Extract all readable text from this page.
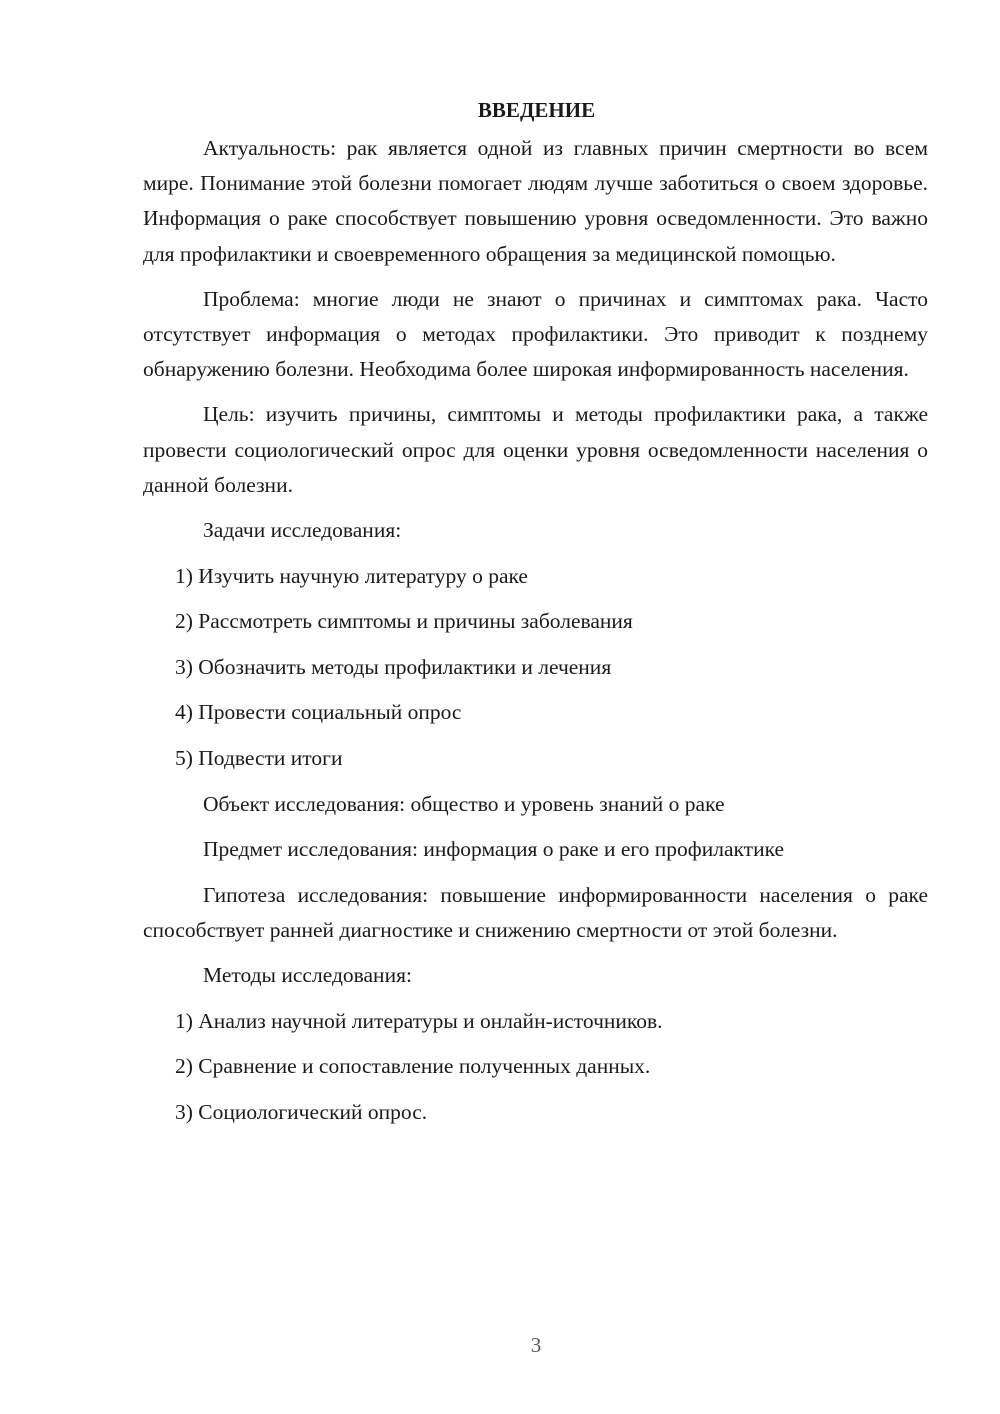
ВВЕДЕНИЕ

Актуальность: рак является одной из главных причин смертности во всем мире. Понимание этой болезни помогает людям лучше заботиться о своем здоровье. Информация о раке способствует повышению уровня осведомленности. Это важно для профилактики и своевременного обращения за медицинской помощью.

Проблема: многие люди не знают о причинах и симптомах рака. Часто отсутствует информация о методах профилактики. Это приводит к позднему обнаружению болезни. Необходима более широкая информированность населения.

Цель: изучить причины, симптомы и методы профилактики рака, а также провести социологический опрос для оценки уровня осведомленности населения о данной болезни.

Задачи исследования:
1) Изучить научную литературу о раке
2) Рассмотреть симптомы и причины заболевания
3) Обозначить методы профилактики и лечения
4) Провести социальный опрос
5) Подвести итоги
Объект исследования: общество и уровень знаний о раке
Предмет исследования: информация о раке и его профилактике

Гипотеза исследования: повышение информированности населения о раке способствует ранней диагностике и снижению смертности от этой болезни.

Методы исследования:
1) Анализ научной литературы и онлайн-источников.
2) Сравнение и сопоставление полученных данных.
3) Социологический опрос.
3
